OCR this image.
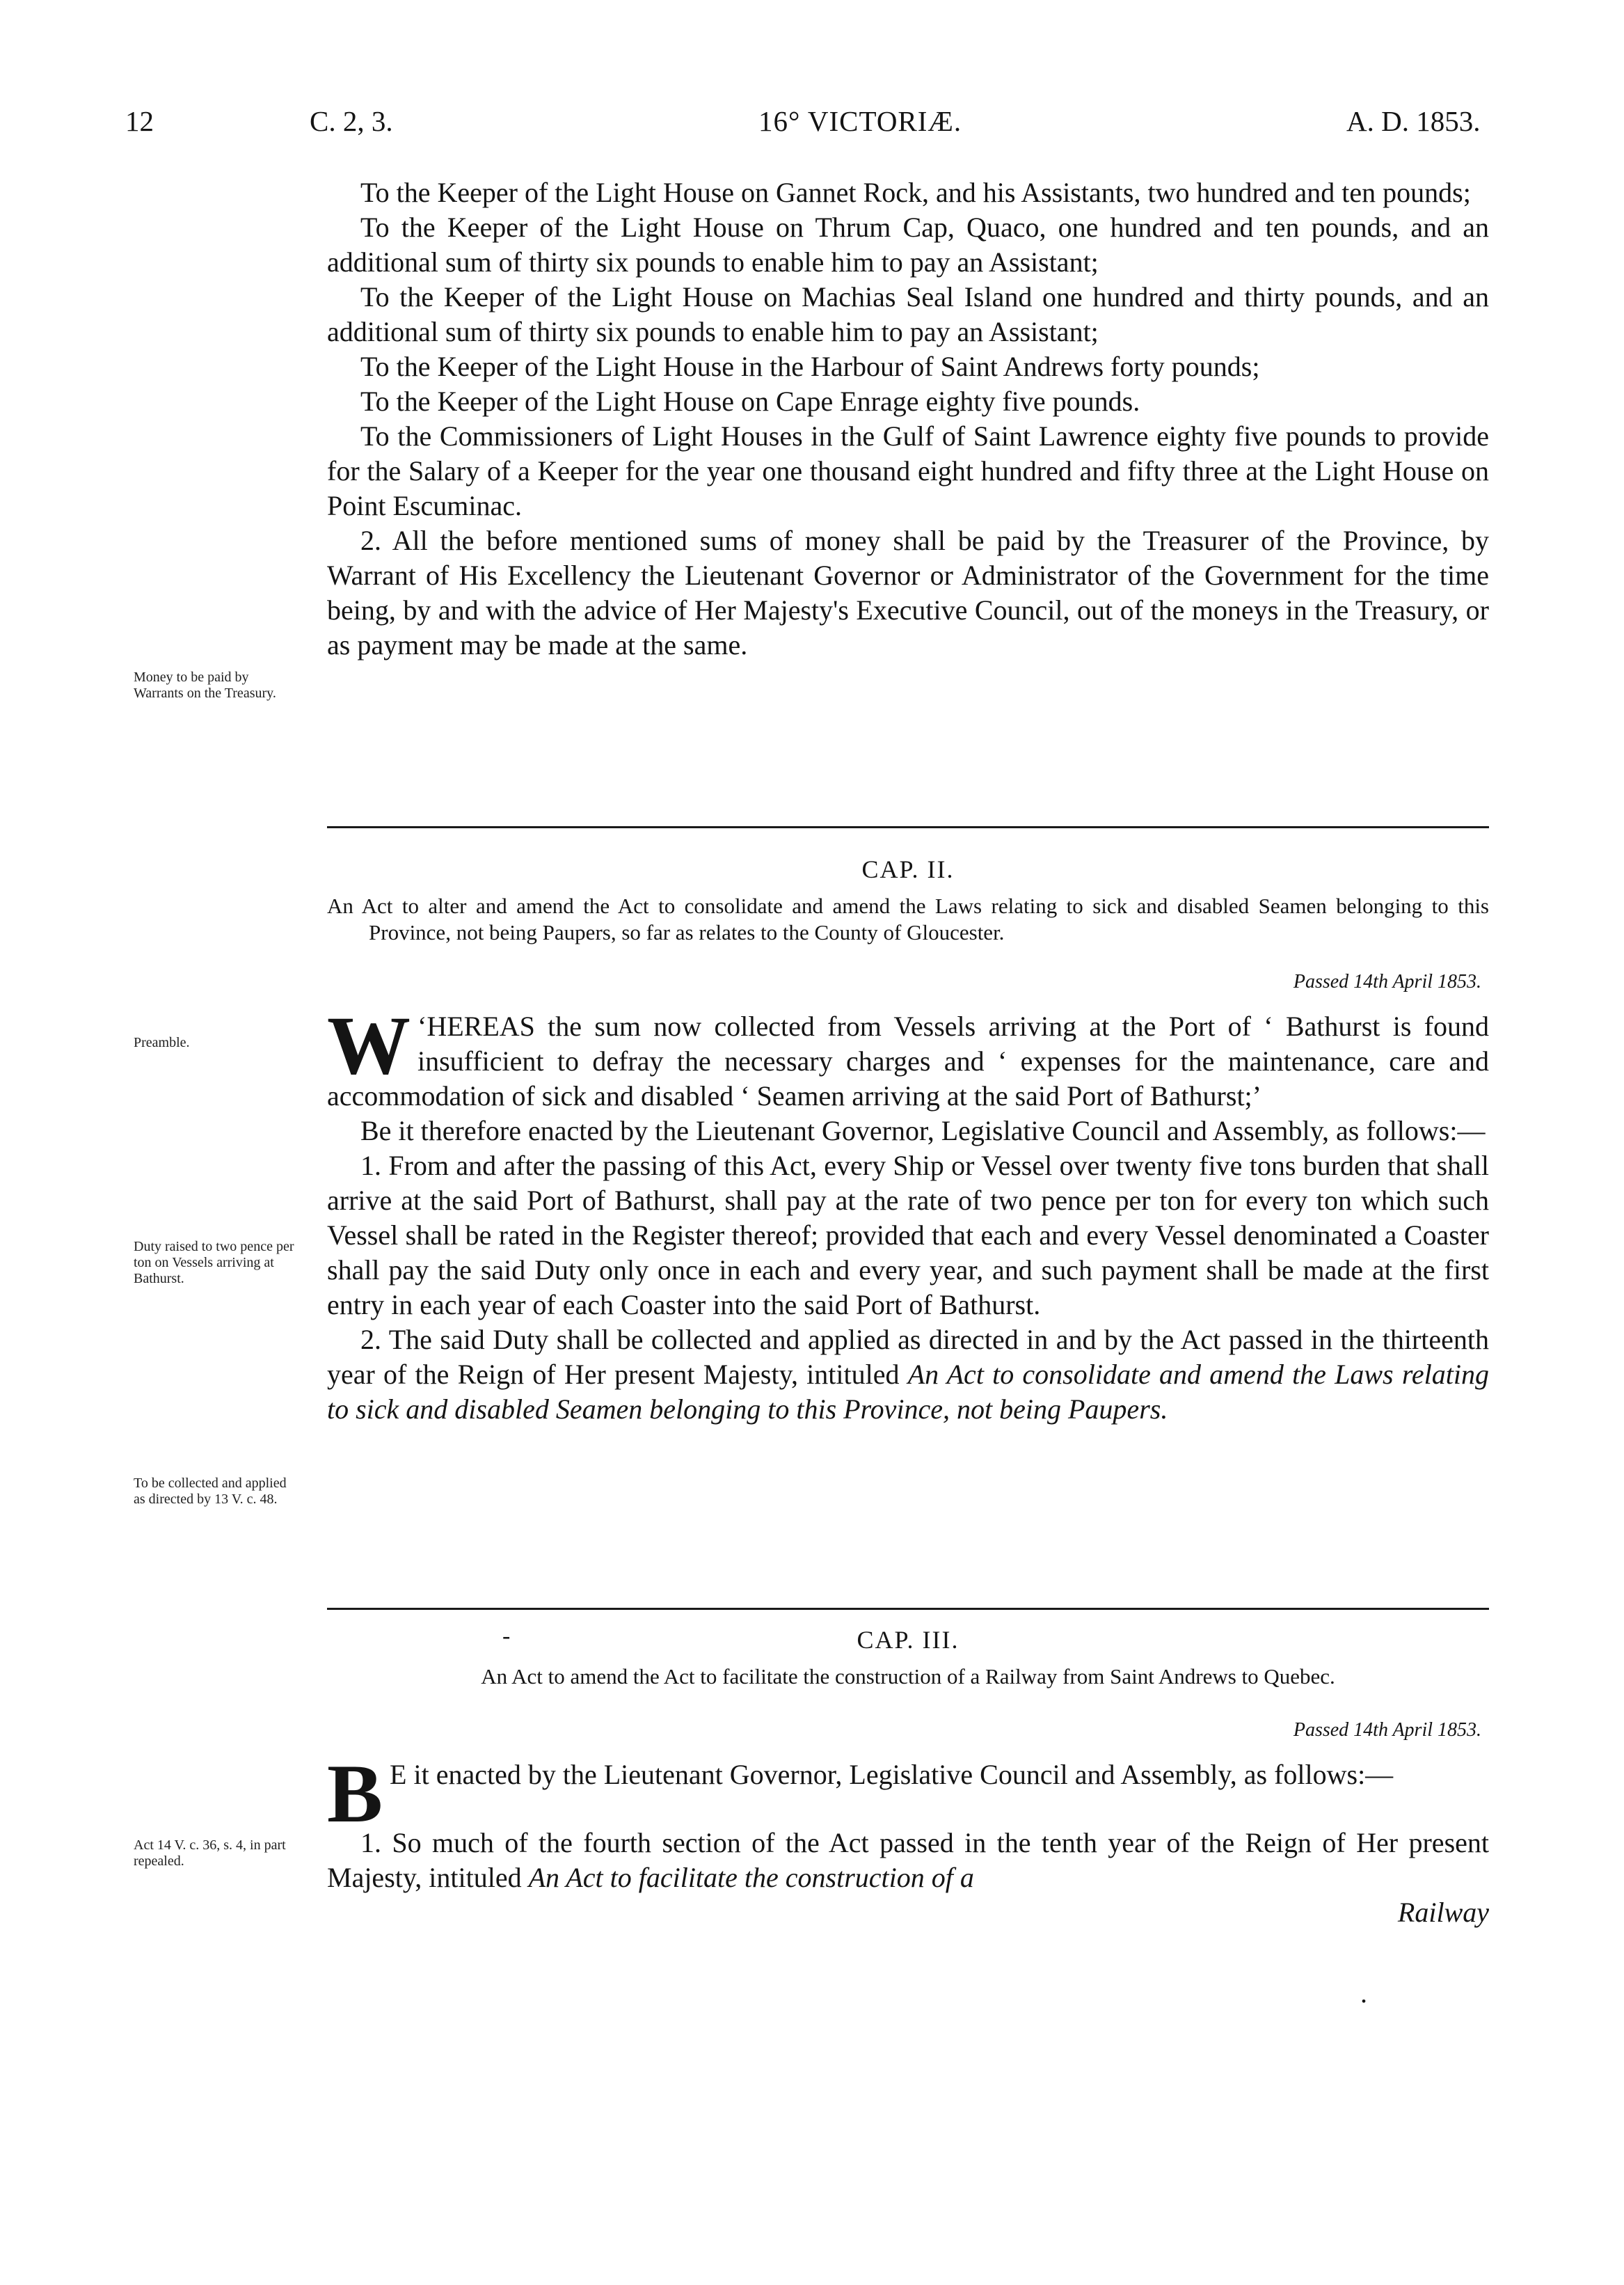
12	C. 2, 3.	16° VICTORIÆ.	A. D. 1853.

To the Keeper of the Light House on Gannet Rock, and his Assistants, two hundred and ten pounds;

To the Keeper of the Light House on Thrum Cap, Quaco, one hundred and ten pounds, and an additional sum of thirty six pounds to enable him to pay an Assistant;

To the Keeper of the Light House on Machias Seal Island one hundred and thirty pounds, and an additional sum of thirty six pounds to enable him to pay an Assistant;

To the Keeper of the Light House in the Harbour of Saint Andrews forty pounds;

To the Keeper of the Light House on Cape Enrage eighty five pounds.

To the Commissioners of Light Houses in the Gulf of Saint Lawrence eighty five pounds to provide for the Salary of a Keeper for the year one thousand eight hundred and fifty three at the Light House on Point Escuminac.

2. All the before mentioned sums of money shall be paid by the Treasurer of the Province, by Warrant of His Excellency the Lieutenant Governor or Administrator of the Government for the time being, by and with the advice of Her Majesty's Executive Council, out of the moneys in the Treasury, or as payment may be made at the same.

Money to be paid by Warrants on the Treasury.
CAP. II.

An Act to alter and amend the Act to consolidate and amend the Laws relating to sick and disabled Seamen belonging to this Province, not being Paupers, so far as relates to the County of Gloucester.

Passed 14th April 1853.
Preamble.

‘
W HEREAS the sum now collected from Vessels arriving at the Port of ‘ Bathurst is found insufficient to defray the necessary charges and ‘ expenses for the maintenance, care and accommodation of sick and disabled ‘ Seamen arriving at the said Port of Bathurst;’

Be it therefore enacted by the Lieutenant Governor, Legislative Council and Assembly, as follows:—

1. From and after the passing of this Act, every Ship or Vessel over twenty five tons burden that shall arrive at the said Port of Bathurst, shall pay at the rate of two pence per ton for every ton which such Vessel shall be rated in the Register thereof; provided that each and every Vessel denominated a Coaster shall pay the said Duty only once in each and every year, and such payment shall be made at the first entry in each year of each Coaster into the said Port of Bathurst.

2. The said Duty shall be collected and applied as directed in and by the Act passed in the thirteenth year of the Reign of Her present Majesty, intituled An Act to consolidate and amend the Laws relating to sick and disabled Seamen belonging to this Province, not being Paupers.

Duty raised to two pence per ton on Vessels arriving at Bathurst.
To be collected and applied as directed by 13 V. c. 48.
-	CAP. III.

An Act to amend the Act to facilitate the construction of a Railway from Saint Andrews to Quebec.

Passed 14th April 1853.

B E it enacted by the Lieutenant Governor, Legislative Council and Assembly, as follows:—

1. So much of the fourth section of the Act passed in the tenth year of the Reign of Her present Majesty, intituled An Act to facilitate the construction of a

Railway

Act 14 V. c. 36, s. 4, in part repealed.
.
